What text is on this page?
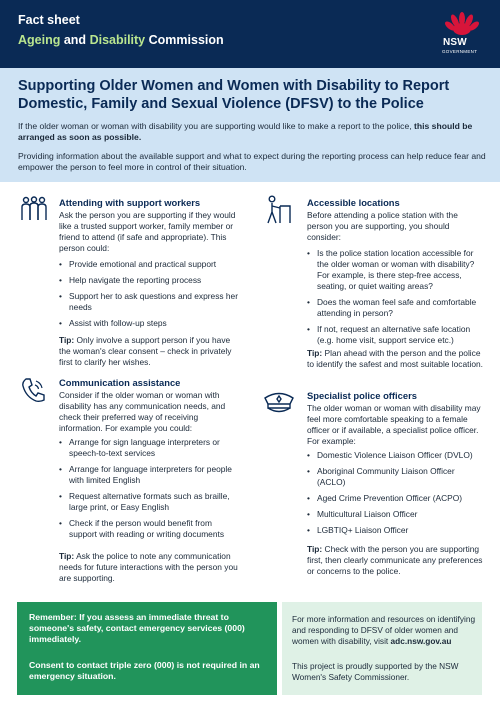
Fact sheet
Ageing and Disability Commission	NSW
GOVERNMENT
Supporting Older Women and Women with Disability to Report Domestic, Family and Sexual Violence (DFSV) to the Police
If the older woman or woman with disability you are supporting would like to make a report to the police, this should be arranged as soon as possible.
Providing information about the available support and what to expect during the reporting process can help reduce fear and empower the person to feel more in control of their situation.
Attending with support workers
Ask the person you are supporting if they would like a trusted support worker, family member or friend to attend (if safe and appropriate). This person could:
• Provide emotional and practical support
• Help navigate the reporting process
• Support her to ask questions and express her needs
• Assist with follow-up steps
Tip: Only involve a support person if you have the woman's clear consent – check in privately first to clarify her wishes.
Communication assistance
Consider if the older woman or woman with disability has any communication needs, and check their preferred way of receiving information. For example you could:
• Arrange for sign language interpreters or speech-to-text services
• Arrange for language interpreters for people with limited English
• Request alternative formats such as braille, large print, or Easy English
• Check if the person would benefit from support with reading or writing documents
Tip: Ask the police to note any communication needs for future interactions with the person you are supporting.
Accessible locations
Before attending a police station with the person you are supporting, you should consider:
• Is the police station location accessible for the older woman or woman with disability? For example, is there step-free access, seating, or quiet waiting areas?
• Does the woman feel safe and comfortable attending in person?
• If not, request an alternative safe location (e.g. home visit, support service etc.)
Tip: Plan ahead with the person and the police to identify the safest and most suitable location.
Specialist police officers
The older woman or woman with disability may feel more comfortable speaking to a female officer or if available, a specialist police officer. For example:
• Domestic Violence Liaison Officer (DVLO)
• Aboriginal Community Liaison Officer (ACLO)
• Aged Crime Prevention Officer (ACPO)
• Multicultural Liaison Officer
• LGBTIQ+ Liaison Officer
Tip: Check with the person you are supporting first, then clearly communicate any preferences or concerns to the police.
Remember: If you assess an immediate threat to someone's safety, contact emergency services (000) immediately.
Consent to contact triple zero (000) is not required in an emergency situation.
For more information and resources on identifying and responding to DFSV of older women and women with disability, visit adc.nsw.gov.au
This project is proudly supported by the NSW Women's Safety Commissioner.
